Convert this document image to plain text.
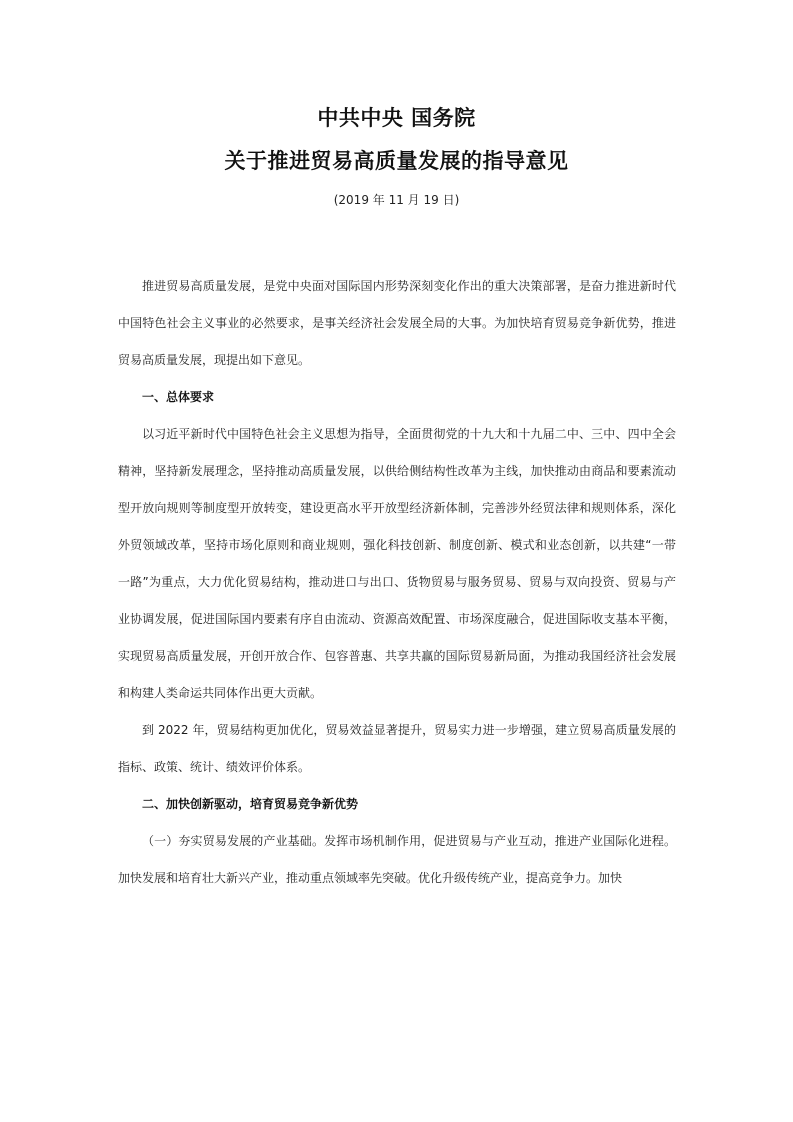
中共中央 国务院
关于推进贸易高质量发展的指导意见
(2019 年 11 月 19 日)

推进贸易高质量发展，是党中央面对国际国内形势深刻变化作出的重大决策部署，是奋力推进新时代中国特色社会主义事业的必然要求，是事关经济社会发展全局的大事。为加快培育贸易竞争新优势，推进贸易高质量发展，现提出如下意见。

一、总体要求

以习近平新时代中国特色社会主义思想为指导，全面贯彻党的十九大和十九届二中、三中、四中全会精神，坚持新发展理念，坚持推动高质量发展，以供给侧结构性改革为主线，加快推动由商品和要素流动型开放向规则等制度型开放转变，建设更高水平开放型经济新体制，完善涉外经贸法律和规则体系，深化外贸领域改革，坚持市场化原则和商业规则，强化科技创新、制度创新、模式和业态创新，以共建“一带一路”为重点，大力优化贸易结构，推动进口与出口、货物贸易与服务贸易、贸易与双向投资、贸易与产业协调发展，促进国际国内要素有序自由流动、资源高效配置、市场深度融合，促进国际收支基本平衡，实现贸易高质量发展，开创开放合作、包容普惠、共享共赢的国际贸易新局面，为推动我国经济社会发展和构建人类命运共同体作出更大贡献。

到 2022 年，贸易结构更加优化，贸易效益显著提升，贸易实力进一步增强，建立贸易高质量发展的指标、政策、统计、绩效评价体系。

二、加快创新驱动，培育贸易竞争新优势

（一）夯实贸易发展的产业基础。发挥市场机制作用，促进贸易与产业互动，推进产业国际化进程。加快发展和培育壮大新兴产业，推动重点领域率先突破。优化升级传统产业，提高竞争力。加快
